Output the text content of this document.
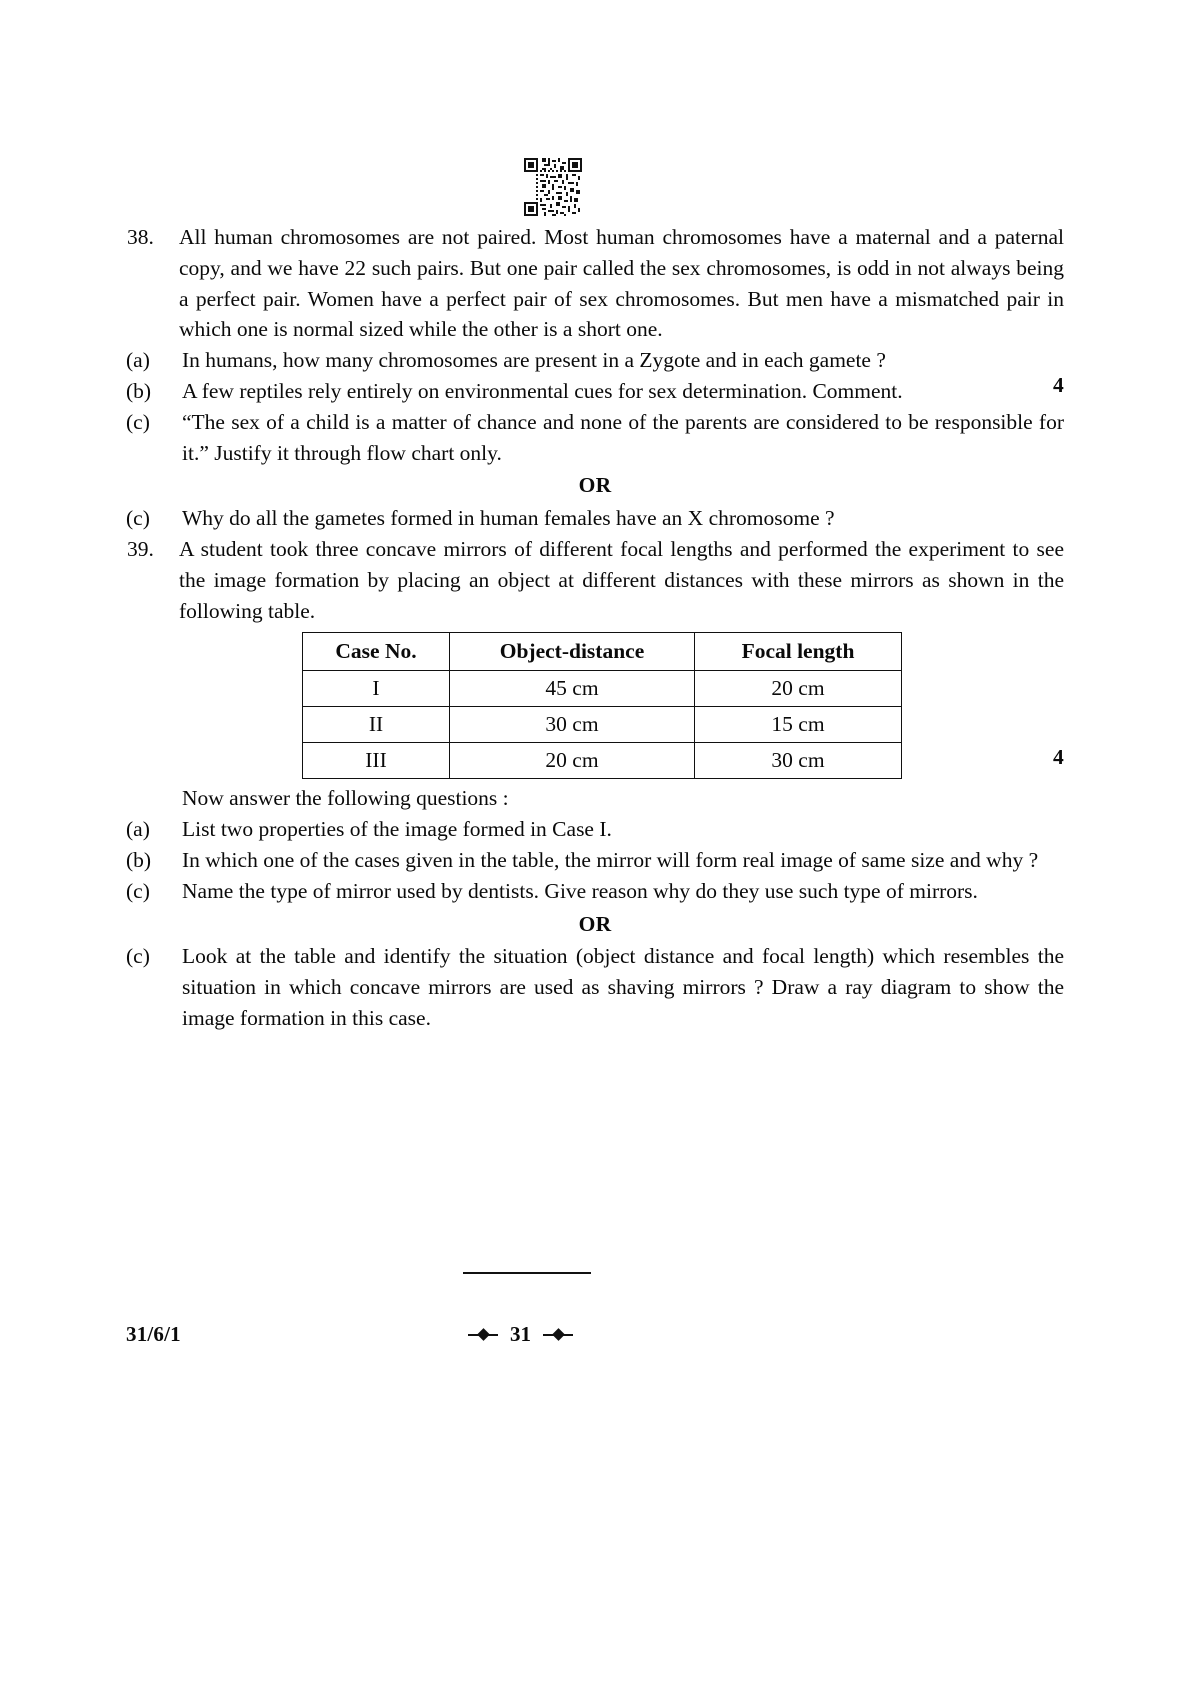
4
4
38.	All human chromosomes are not paired. Most human chromosomes have a maternal and a paternal copy, and we have 22 such pairs. But one pair called the sex chromosomes, is odd in not always being a perfect pair. Women have a perfect pair of sex chromosomes. But men have a mismatched pair in which one is normal sized while the other is a short one.
(a)	In humans, how many chromosomes are present in a Zygote and in each gamete ?
(b)	A few reptiles rely entirely on environmental cues for sex determination. Comment.
(c)	“The sex of a child is a matter of chance and none of the parents are considered to be responsible for it.” Justify it through flow chart only.
OR
(c)	Why do all the gametes formed in human females have an X chromosome ?
39.	A student took three concave mirrors of different focal lengths and performed the experiment to see the image formation by placing an object at different distances with these mirrors as shown in the following table.
Case No.	Object-distance	Focal length
I	45 cm	20 cm
II	30 cm	15 cm
III	20 cm	30 cm
Now answer the following questions :
(a)	List two properties of the image formed in Case I.
(b)	In which one of the cases given in the table, the mirror will form real image of same size and why ?
(c)	Name the type of mirror used by dentists. Give reason why do they use such type of mirrors.
OR
(c)	Look at the table and identify the situation (object distance and focal length) which resembles the situation in which concave mirrors are used as shaving mirrors ? Draw a ray diagram to show the image formation in this case.
31/6/1	31
